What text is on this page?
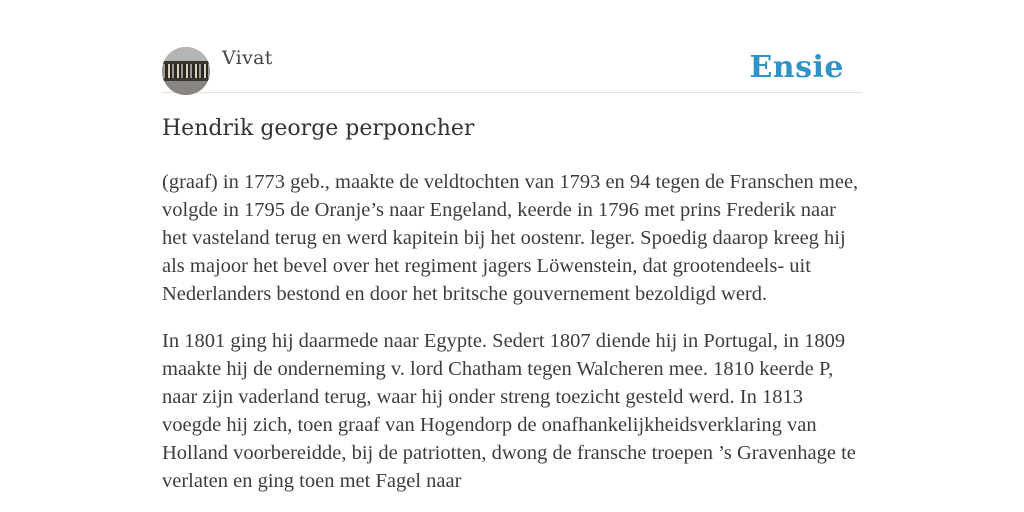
Vivat	Ensie
Hendrik george perponcher

(graaf) in 1773 geb., maakte de veldtochten van 1793 en 94 tegen de Franschen mee, volgde in 1795 de Oranje’s naar Engeland, keerde in 1796 met prins Frederik naar het vasteland terug en werd kapitein bij het oostenr. leger. Spoedig daarop kreeg hij als majoor het bevel over het regiment jagers Löwenstein, dat grootendeels- uit Nederlanders bestond en door het britsche gouvernement bezoldigd werd.

In 1801 ging hij daarmede naar Egypte. Sedert 1807 diende hij in Portugal, in 1809 maakte hij de onderneming v. lord Chatham tegen Walcheren mee. 1810 keerde P, naar zijn vaderland terug, waar hij onder streng toezicht gesteld werd. In 1813 voegde hij zich, toen graaf van Hogendorp de onafhankelijkheidsverklaring van Holland voorbereidde, bij de patriotten, dwong de fransche troepen ’s Gravenhage te verlaten en ging toen met Fagel naar
